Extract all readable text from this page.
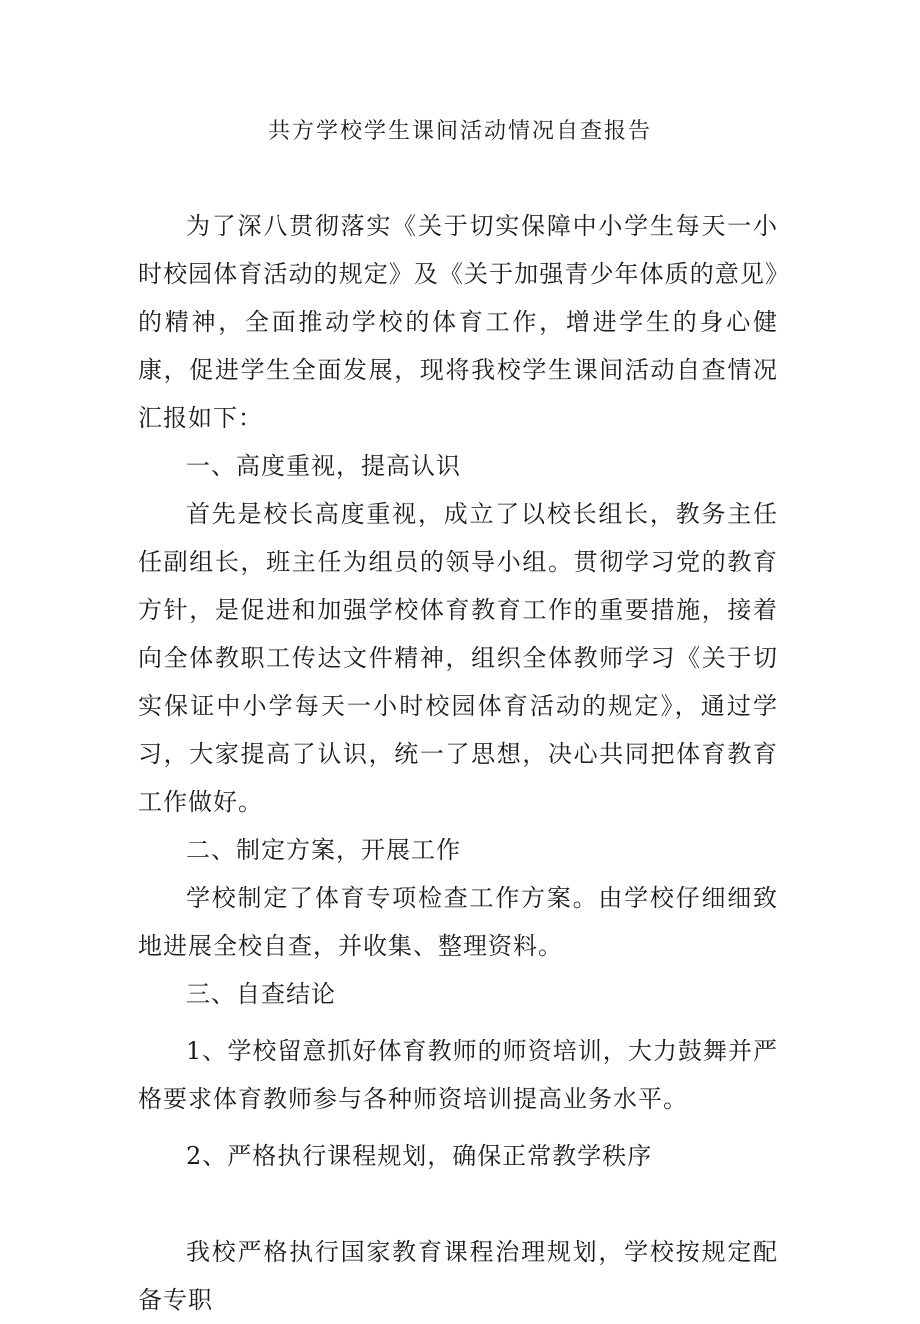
共方学校学生课间活动情况自查报告

为了深八贯彻落实《关于切实保障中小学生每天一小时校园体育活动的规定》及《关于加强青少年体质的意见》的精神，全面推动学校的体育工作，增进学生的身心健康，促进学生全面发展，现将我校学生课间活动自查情况汇报如下：

一、高度重视，提高认识

首先是校长高度重视，成立了以校长组长，教务主任任副组长，班主任为组员的领导小组。贯彻学习党的教育方针，是促进和加强学校体育教育工作的重要措施，接着向全体教职工传达文件精神，组织全体教师学习《关于切实保证中小学每天一小时校园体育活动的规定》，通过学习，大家提高了认识，统一了思想，决心共同把体育教育工作做好。

二、制定方案，开展工作

学校制定了体育专项检查工作方案。由学校仔细细致地进展全校自查，并收集、整理资料。

三、自查结论

1、学校留意抓好体育教师的师资培训，大力鼓舞并严格要求体育教师参与各种师资培训提高业务水平。

2、严格执行课程规划，确保正常教学秩序

我校严格执行国家教育课程治理规划，学校按规定配备专职
